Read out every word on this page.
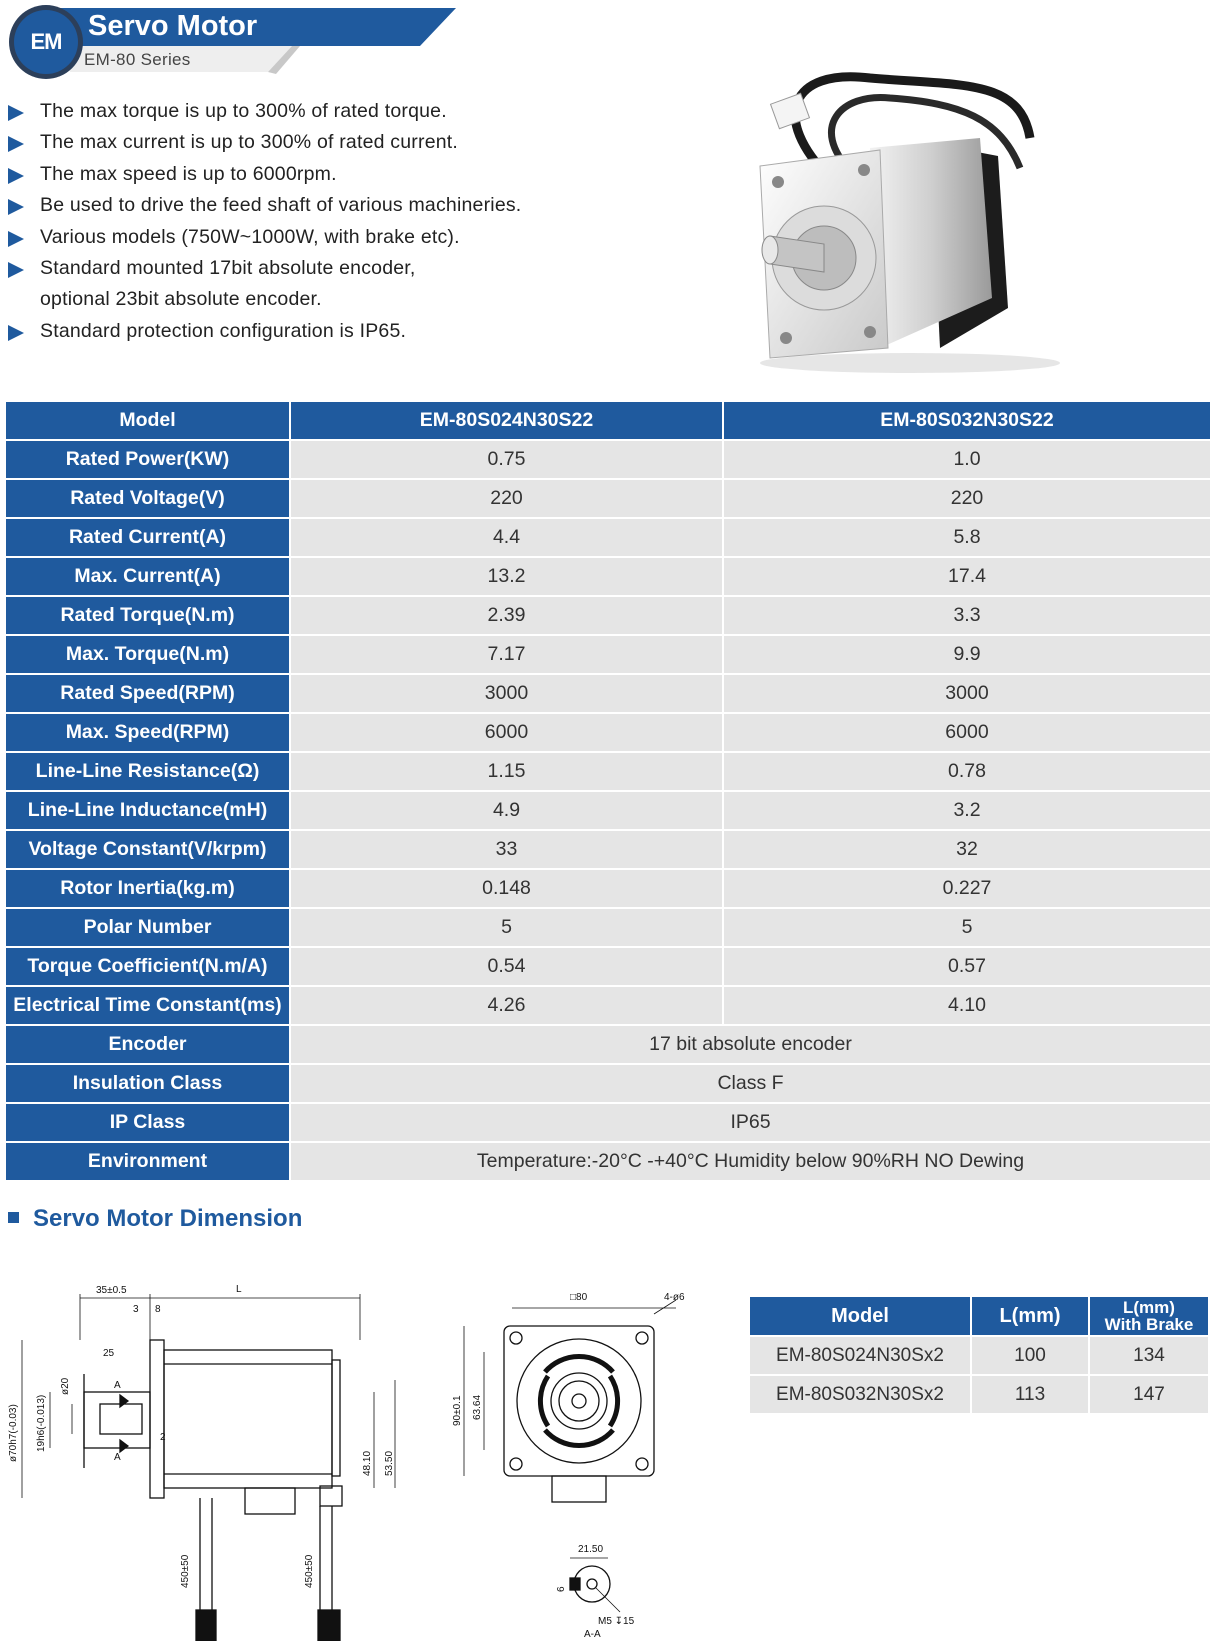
EM Servo Motor
EM-80 Series
The max torque is up to 300% of rated torque.
The max current is up to 300% of rated current.
The max speed is up to 6000rpm.
Be used to drive the feed shaft of various machineries.
Various models (750W~1000W, with brake etc).
Standard mounted 17bit absolute encoder,
optional 23bit absolute encoder.
Standard protection configuration is IP65.
Model	EM-80S024N30S22	EM-80S032N30S22
Rated Power(KW)	0.75	1.0
Rated Voltage(V)	220	220
Rated Current(A)	4.4	5.8
Max. Current(A)	13.2	17.4
Rated Torque(N.m)	2.39	3.3
Max. Torque(N.m)	7.17	9.9
Rated Speed(RPM)	3000	3000
Max. Speed(RPM)	6000	6000
Line-Line Resistance(Ω)	1.15	0.78
Line-Line Inductance(mH)	4.9	3.2
Voltage Constant(V/krpm)	33	32
Rotor Inertia(kg.m)	0.148	0.227
Polar Number	5	5
Torque Coefficient(N.m/A)	0.54	0.57
Electrical Time Constant(ms)	4.26	4.10
Encoder	17 bit absolute encoder	
Insulation Class	Class F	
IP Class	IP65	
Environment	Temperature:-20°C -+40°C Humidity below 90%RH NO Dewing	
Servo Motor Dimension
35±0.5	L
3 8
25
2
A
A
ø70h7(-0.03) 19h6(-0.013)
ø20
48.10 53.50
450±50	450±50
□80	4-ø6
90±0.1 63.64
21.50
6
M5 ↧15
A-A
Model	L(mm)	L(mm)
With Brake

EM-80S024N30Sx2	100	134
EM-80S032N30Sx2	113	147
